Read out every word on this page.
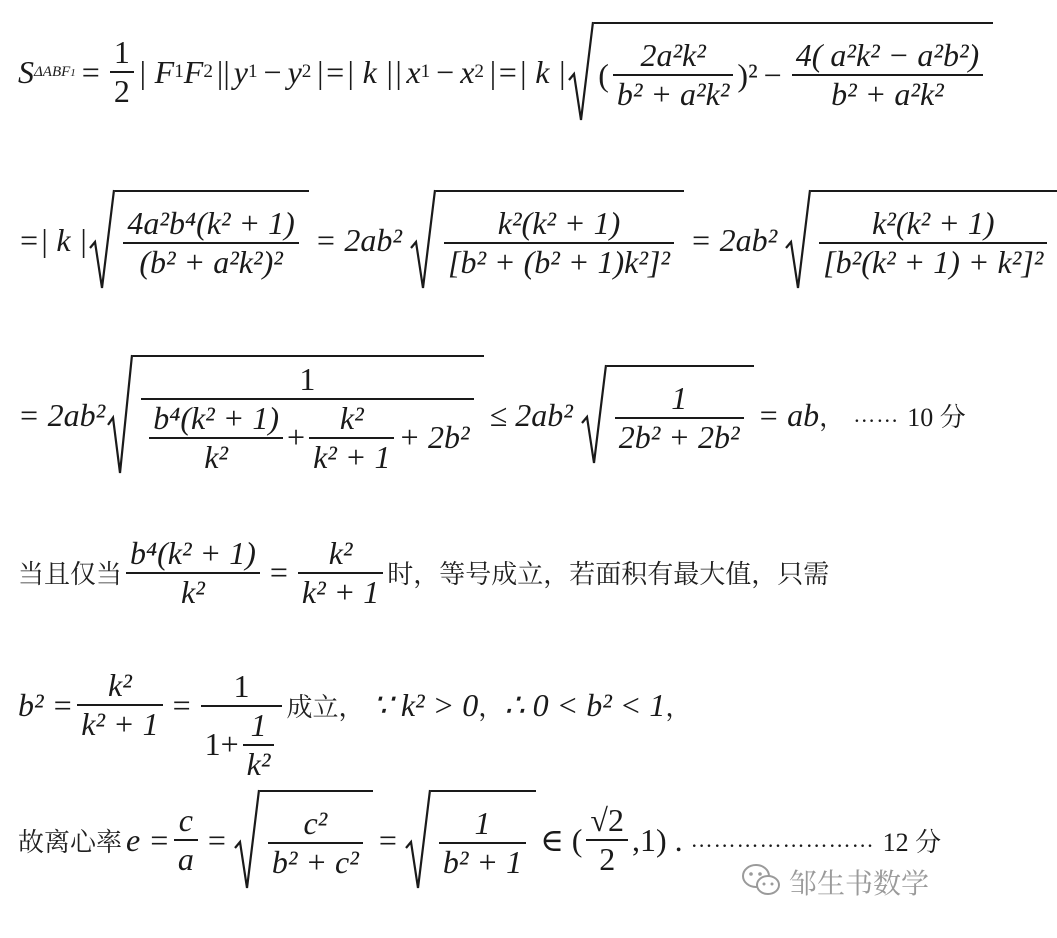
S $\Delta ABF1 = \frac{1}{2}$ | F 1 F 2 || y 1 − y 2 |=| k || x 1 − x 2 |=| k | ( $\frac{\text{2a²k²}}{\text{b² + a²k²}} )^2 - \frac{\text{4( a²k² − a²b²)}}{\text{b² + a²k²}}$
=| k | $\frac{\text{4a²b⁴(k² + 1)}}{\text{(b² + a²k²)²}} = 2ab^2 \frac{\text{k²(k² + 1)}}{\text{[b² + (b² + 1)k²]²}} = 2ab^2 \frac{\text{k²(k² + 1)}}{\text{[b²(k² + 1) + k²]²}}$
= 2ab²
1
$\frac{\text{b⁴(k² + 1)}}{\text{k²}} + \frac{\text{k²}}{\text{k² + 1}} + 2b^2$
≤ $2ab^2 \frac{1}{\text{2b² + 2b²}}$ = ab ， …… 10 分
当且仅当 $\frac{\text{b⁴(k² + 1)}}{\text{k²}} = \frac{\text{k²}}{\text{k² + 1}}$ 时，等号成立，若面积有最大值，只需
$b^2 = \frac{\text{k²}}{\text{k² + 1}} = \frac{1}{1+ \frac{1}{\text{k²}}}$ 成立， ∵ k² > 0 ， ∴ 0 < b² < 1 ，
故离心率 $e = \frac{c}{a} = \frac{\text{c²}}{\text{b² + c²}} = \frac{1}{\text{b² + 1}}$ ∈ ( $\frac{√2}{2} ,1$) . …………………… 12 分
邹生书数学
